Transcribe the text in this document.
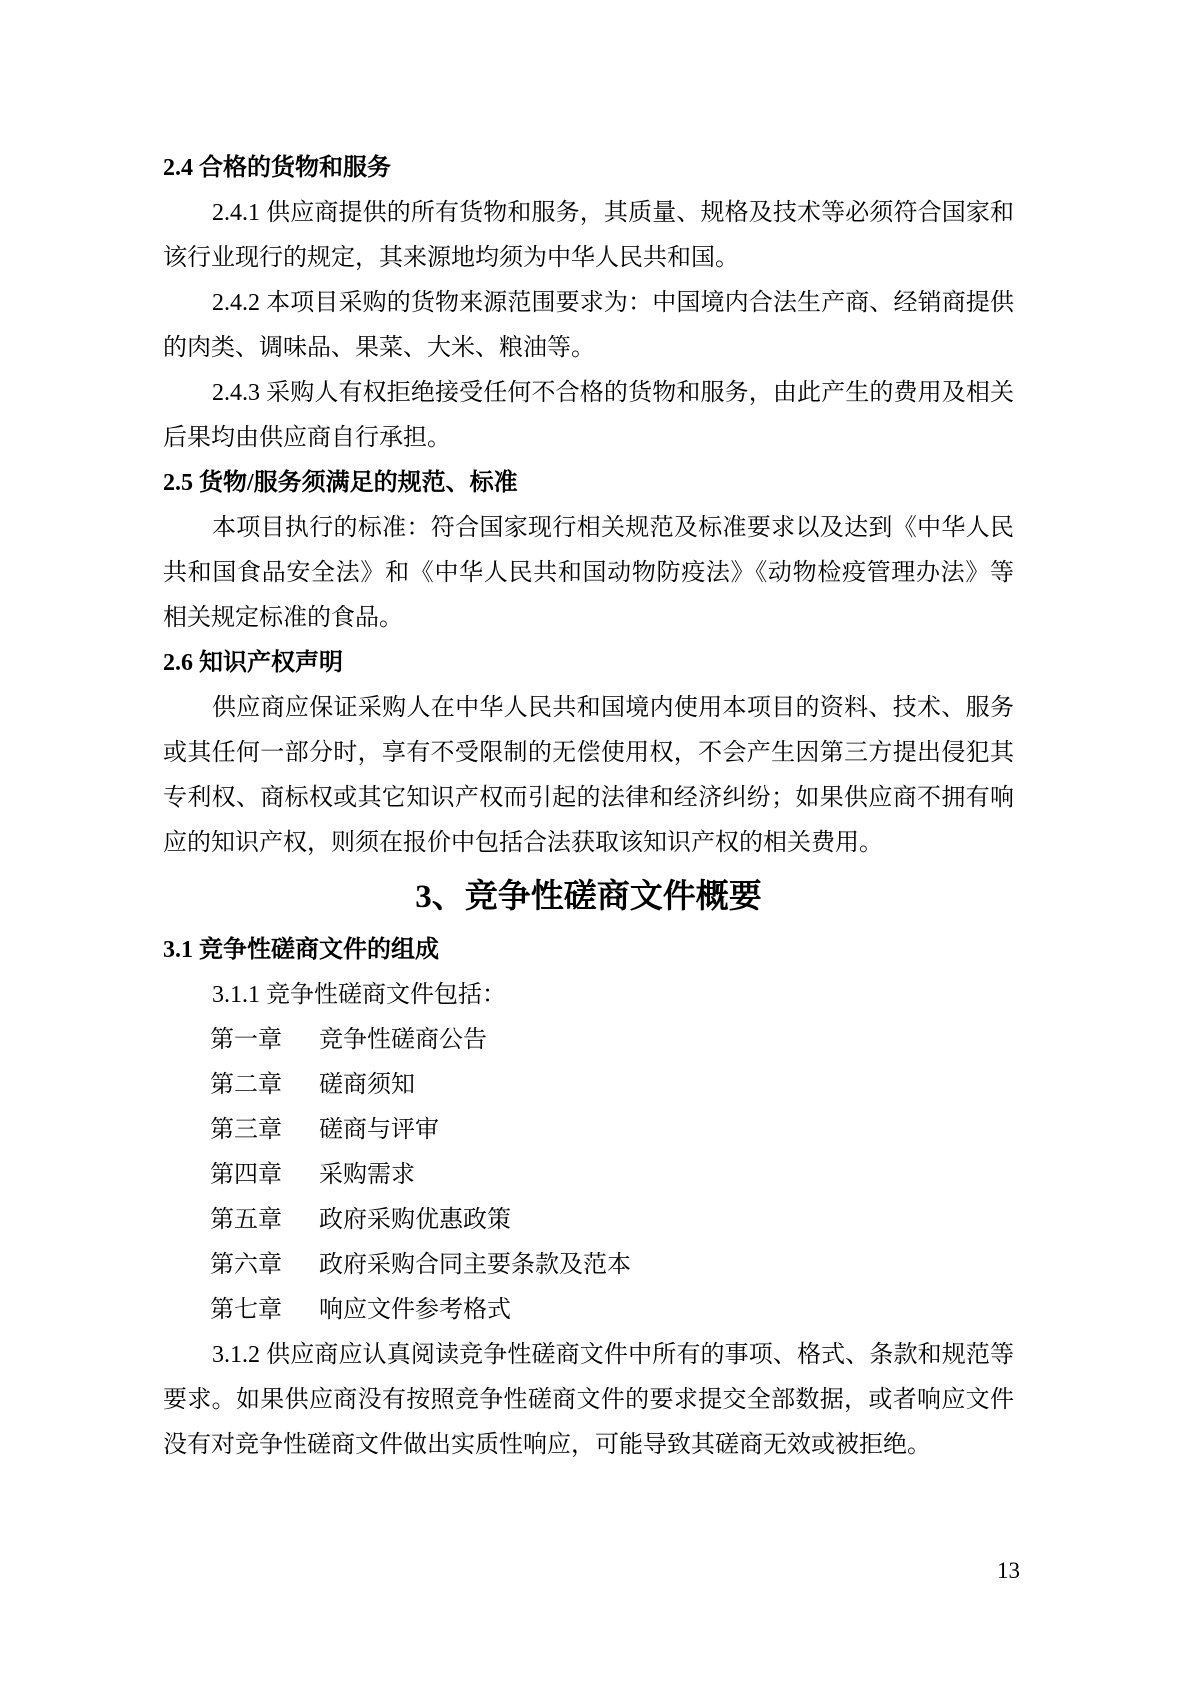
2.4 合格的货物和服务
2.4.1 供应商提供的所有货物和服务，其质量、规格及技术等必须符合国家和该行业现行的规定，其来源地均须为中华人民共和国。
2.4.2 本项目采购的货物来源范围要求为：中国境内合法生产商、经销商提供的肉类、调味品、果菜、大米、粮油等。
2.4.3 采购人有权拒绝接受任何不合格的货物和服务，由此产生的费用及相关后果均由供应商自行承担。
2.5 货物/服务须满足的规范、标准
本项目执行的标准：符合国家现行相关规范及标准要求以及达到《中华人民共和国食品安全法》和《中华人民共和国动物防疫法》《动物检疫管理办法》等相关规定标准的食品。
2.6 知识产权声明
供应商应保证采购人在中华人民共和国境内使用本项目的资料、技术、服务或其任何一部分时，享有不受限制的无偿使用权，不会产生因第三方提出侵犯其专利权、商标权或其它知识产权而引起的法律和经济纠纷；如果供应商不拥有响应的知识产权，则须在报价中包括合法获取该知识产权的相关费用。
3、竞争性磋商文件概要
3.1 竞争性磋商文件的组成
3.1.1 竞争性磋商文件包括：
第一章 竞争性磋商公告
第二章 磋商须知
第三章 磋商与评审
第四章 采购需求
第五章 政府采购优惠政策
第六章 政府采购合同主要条款及范本
第七章 响应文件参考格式
3.1.2 供应商应认真阅读竞争性磋商文件中所有的事项、格式、条款和规范等要求。如果供应商没有按照竞争性磋商文件的要求提交全部数据，或者响应文件没有对竞争性磋商文件做出实质性响应，可能导致其磋商无效或被拒绝。
13
